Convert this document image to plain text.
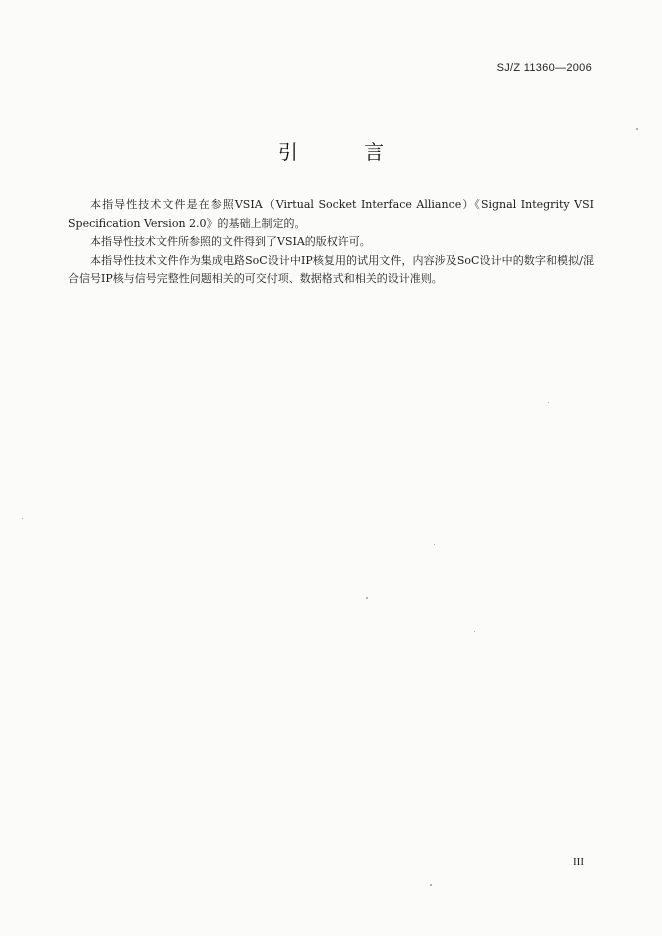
SJ/Z 11360—2006
引 言

本指导性技术文件是在参照VSIA（Virtual Socket Interface Alliance）《Signal Integrity VSI Specification Version 2.0》的基础上制定的。

本指导性技术文件所参照的文件得到了VSIA的版权许可。

本指导性技术文件作为集成电路SoC设计中IP核复用的试用文件，内容涉及SoC设计中的数字和模拟/混合信号IP核与信号完整性问题相关的可交付项、数据格式和相关的设计准则。

III
